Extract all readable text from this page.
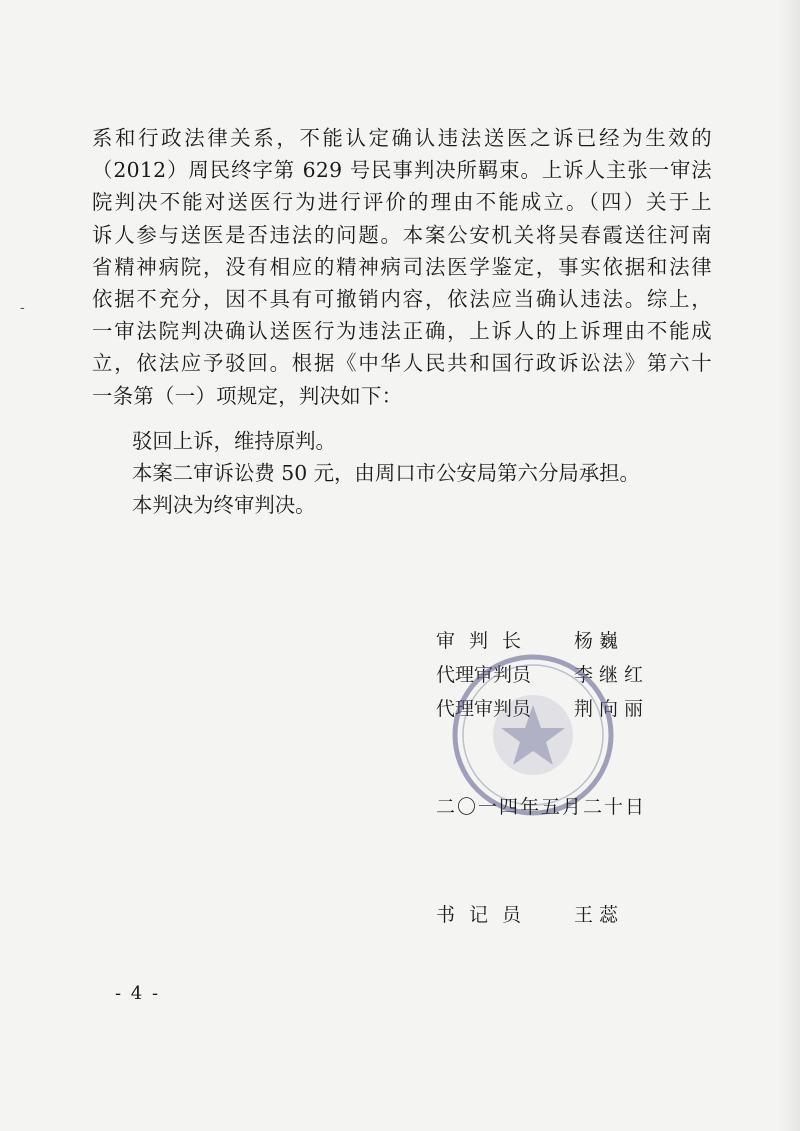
-

系和行政法律关系，不能认定确认违法送医之诉已经为生效的
（2012）周民终字第 629 号民事判决所羁束。上诉人主张一审法
院判决不能对送医行为进行评价的理由不能成立。（四）关于上
诉人参与送医是否违法的问题。本案公安机关将吴春霞送往河南
省精神病院，没有相应的精神病司法医学鉴定，事实依据和法律
依据不充分，因不具有可撤销内容，依法应当确认违法。综上，
一审法院判决确认送医行为违法正确，上诉人的上诉理由不能成
立，依法应予驳回。根据《中华人民共和国行政诉讼法》第六十
一条第（一）项规定，判决如下：

驳回上诉，维持原判。

本案二审诉讼费 50 元，由周口市公安局第六分局承担。

本判决为终审判决。

审判长 杨巍
代理审判员 李继红
代理审判员 荆向丽
二〇一四年五月二十日
书记员 王蕊
- 4 -
